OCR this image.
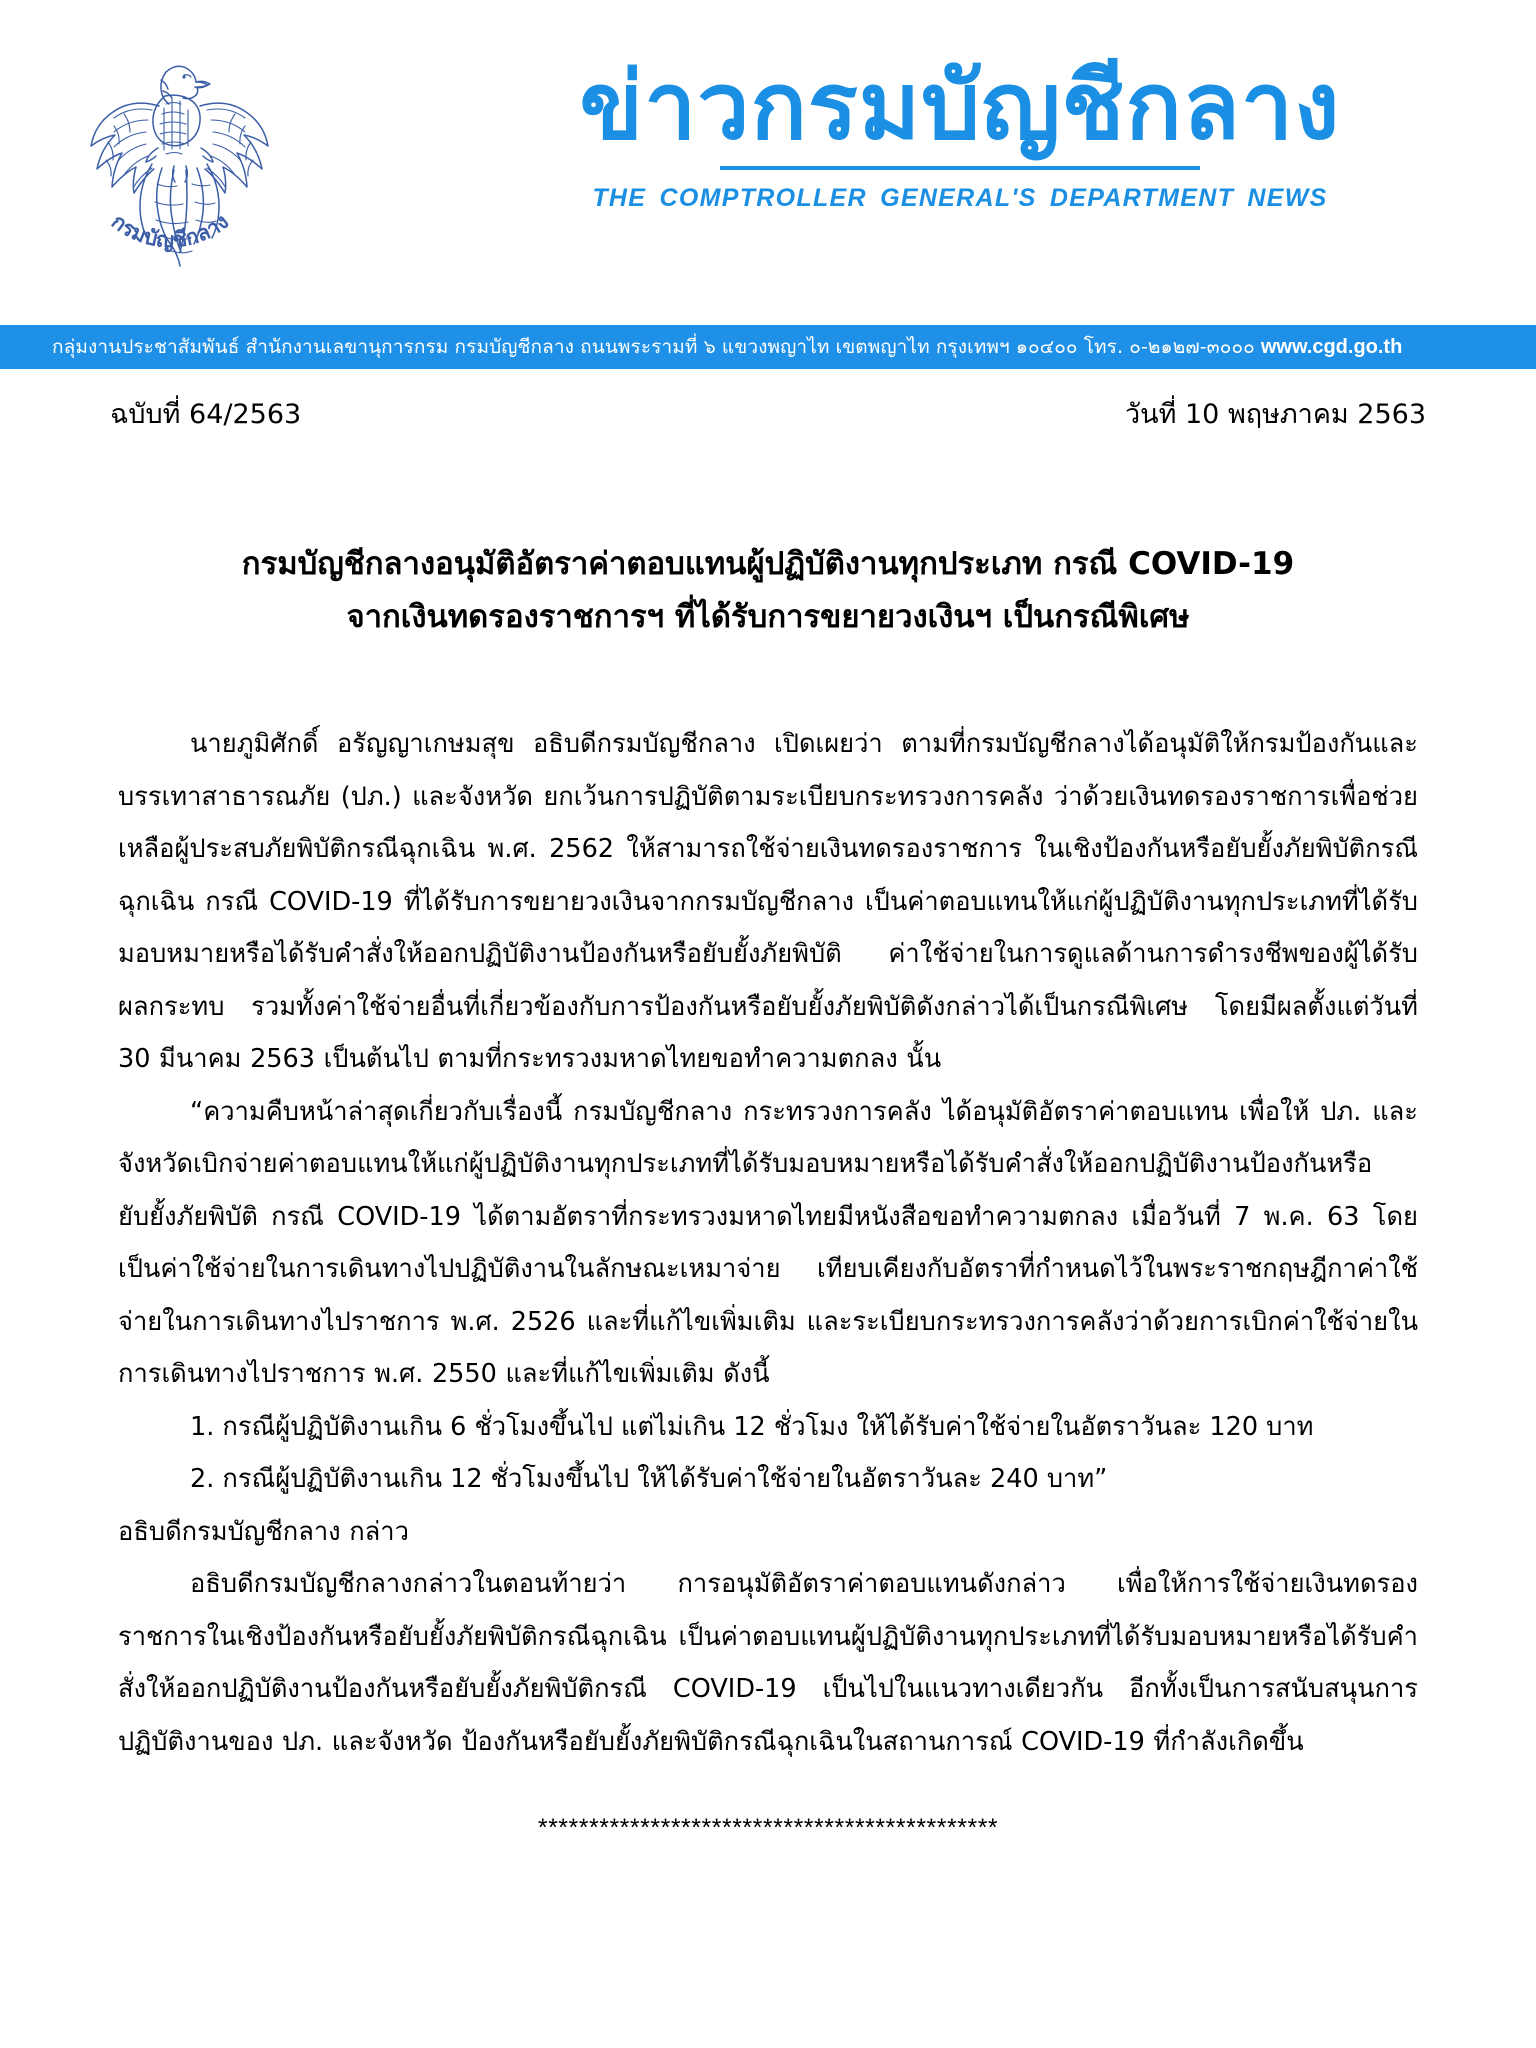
กรมบัญชีกลาง
ข่าวกรมบัญชีกลาง
THE COMPTROLLER GENERAL'S DEPARTMENT NEWS
กลุ่มงานประชาสัมพันธ์ สำนักงานเลขานุการกรม กรมบัญชีกลาง ถนนพระรามที่ ๖ แขวงพญาไท เขตพญาไท กรุงเทพฯ ๑๐๔๐๐ โทร. ๐-๒๑๒๗-๓๐๐๐ www.cgd.go.th
ฉบับที่ 64/2563	วันที่ 10 พฤษภาคม 2563
กรมบัญชีกลางอนุมัติอัตราค่าตอบแทนผู้ปฏิบัติงานทุกประเภท กรณี COVID-19
จากเงินทดรองราชการฯ ที่ได้รับการขยายวงเงินฯ เป็นกรณีพิเศษ

นายภูมิศักดิ์ อรัญญาเกษมสุข อธิบดีกรมบัญชีกลาง เปิดเผยว่า ตามที่กรมบัญชีกลางได้อนุมัติให้กรมป้องกันและบรรเทาสาธารณภัย (ปภ.) และจังหวัด ยกเว้นการปฏิบัติตามระเบียบกระทรวงการคลัง ว่าด้วยเงินทดรองราชการเพื่อช่วยเหลือผู้ประสบภัยพิบัติกรณีฉุกเฉิน พ.ศ. 2562 ให้สามารถใช้จ่ายเงินทดรองราชการ ในเชิงป้องกันหรือยับยั้งภัยพิบัติกรณีฉุกเฉิน กรณี COVID-19 ที่ได้รับการขยายวงเงินจากกรมบัญชีกลาง เป็นค่าตอบแทนให้แก่ผู้ปฏิบัติงานทุกประเภทที่ได้รับมอบหมายหรือได้รับคำสั่งให้ออกปฏิบัติงานป้องกันหรือยับยั้งภัยพิบัติ ค่าใช้จ่ายในการดูแลด้านการดำรงชีพของผู้ได้รับผลกระทบ รวมทั้งค่าใช้จ่ายอื่นที่เกี่ยวข้องกับการป้องกันหรือยับยั้งภัยพิบัติดังกล่าวได้เป็นกรณีพิเศษ โดยมีผลตั้งแต่วันที่ 30 มีนาคม 2563 เป็นต้นไป ตามที่กระทรวงมหาดไทยขอทำความตกลง นั้น

“ความคืบหน้าล่าสุดเกี่ยวกับเรื่องนี้ กรมบัญชีกลาง กระทรวงการคลัง ได้อนุมัติอัตราค่าตอบแทน เพื่อให้ ปภ. และจังหวัดเบิกจ่ายค่าตอบแทนให้แก่ผู้ปฏิบัติงานทุกประเภทที่ได้รับมอบหมายหรือได้รับคำสั่งให้ออกปฏิบัติงานป้องกันหรือยับยั้งภัยพิบัติ กรณี COVID-19 ได้ตามอัตราที่กระทรวงมหาดไทยมีหนังสือขอทำความตกลง เมื่อวันที่ 7 พ.ค. 63 โดยเป็นค่าใช้จ่ายในการเดินทางไปปฏิบัติงานในลักษณะเหมาจ่าย เทียบเคียงกับอัตราที่กำหนดไว้ในพระราชกฤษฎีกาค่าใช้จ่ายในการเดินทางไปราชการ พ.ศ. 2526 และที่แก้ไขเพิ่มเติม และระเบียบกระทรวงการคลังว่าด้วยการเบิกค่าใช้จ่ายในการเดินทางไปราชการ พ.ศ. 2550 และที่แก้ไขเพิ่มเติม ดังนี้

1. กรณีผู้ปฏิบัติงานเกิน 6 ชั่วโมงขึ้นไป แต่ไม่เกิน 12 ชั่วโมง ให้ได้รับค่าใช้จ่ายในอัตราวันละ 120 บาท
2. กรณีผู้ปฏิบัติงานเกิน 12 ชั่วโมงขึ้นไป ให้ได้รับค่าใช้จ่ายในอัตราวันละ 240 บาท”

อธิบดีกรมบัญชีกลาง กล่าว

อธิบดีกรมบัญชีกลางกล่าวในตอนท้ายว่า การอนุมัติอัตราค่าตอบแทนดังกล่าว เพื่อให้การใช้จ่ายเงินทดรองราชการในเชิงป้องกันหรือยับยั้งภัยพิบัติกรณีฉุกเฉิน เป็นค่าตอบแทนผู้ปฏิบัติงานทุกประเภทที่ได้รับมอบหมายหรือได้รับคำสั่งให้ออกปฏิบัติงานป้องกันหรือยับยั้งภัยพิบัติกรณี COVID-19 เป็นไปในแนวทางเดียวกัน อีกทั้งเป็นการสนับสนุนการปฏิบัติงานของ ปภ. และจังหวัด ป้องกันหรือยับยั้งภัยพิบัติกรณีฉุกเฉินในสถานการณ์ COVID-19 ที่กำลังเกิดขึ้น

*********************************************
